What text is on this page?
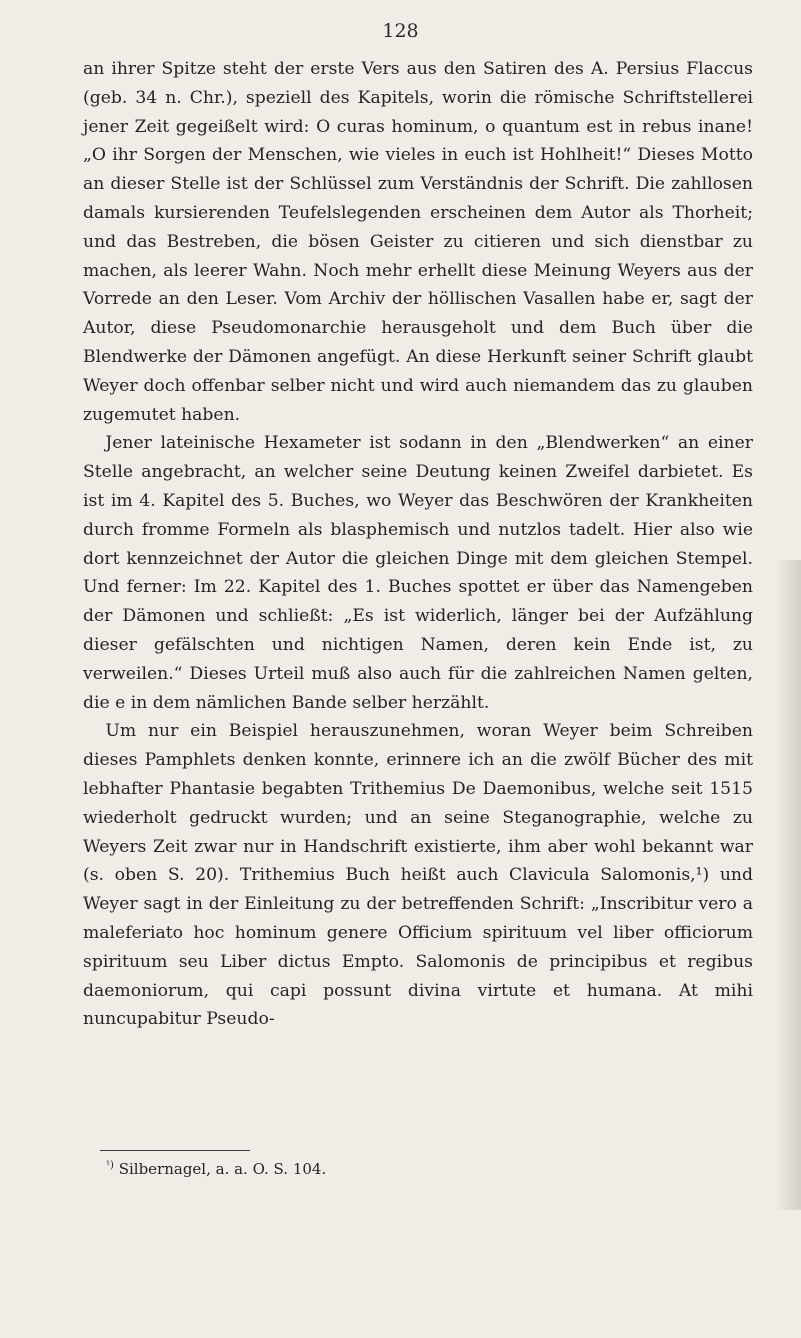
128

an ihrer Spitze steht der erste Vers aus den Satiren des A. Persius Flaccus (geb. 34 n. Chr.), speziell des Kapitels, worin die römische Schriftstellerei jener Zeit gegeißelt wird: O curas hominum, o quantum est in rebus inane! „O ihr Sorgen der Menschen, wie vieles in euch ist Hohlheit!“ Dieses Motto an dieser Stelle ist der Schlüssel zum Verständnis der Schrift. Die zahllosen damals kursierenden Teufelslegenden erscheinen dem Autor als Thorheit; und das Bestreben, die bösen Geister zu citieren und sich dienstbar zu machen, als leerer Wahn. Noch mehr erhellt diese Meinung Weyers aus der Vorrede an den Leser. Vom Archiv der höllischen Vasallen habe er, sagt der Autor, diese Pseudomonarchie herausgeholt und dem Buch über die Blendwerke der Dämonen angefügt. An diese Herkunft seiner Schrift glaubt Weyer doch offenbar selber nicht und wird auch niemandem das zu glauben zugemutet haben.

Jener lateinische Hexameter ist sodann in den „Blendwerken“ an einer Stelle angebracht, an welcher seine Deutung keinen Zweifel darbietet. Es ist im 4. Kapitel des 5. Buches, wo Weyer das Beschwören der Krankheiten durch fromme Formeln als blasphemisch und nutzlos tadelt. Hier also wie dort kennzeichnet der Autor die gleichen Dinge mit dem gleichen Stempel. Und ferner: Im 22. Kapitel des 1. Buches spottet er über das Namengeben der Dämonen und schließt: „Es ist widerlich, länger bei der Aufzählung dieser gefälschten und nichtigen Namen, deren kein Ende ist, zu verweilen.“ Dieses Urteil muß also auch für die zahlreichen Namen gelten, die e in dem nämlichen Bande selber herzählt.

Um nur ein Beispiel herauszunehmen, woran Weyer beim Schreiben dieses Pamphlets denken konnte, erinnere ich an die zwölf Bücher des mit lebhafter Phantasie begabten Trithemius De Daemonibus, welche seit 1515 wiederholt gedruckt wurden; und an seine Steganographie, welche zu Weyers Zeit zwar nur in Handschrift existierte, ihm aber wohl bekannt war (s. oben S. 20). Trithemius Buch heißt auch Clavicula Salomonis,¹) und Weyer sagt in der Einleitung zu der betreffenden Schrift: „Inscribitur vero a maleferiato hoc hominum genere Officium spirituum vel liber officiorum spirituum seu Liber dictus Empto. Salomonis de principibus et regibus daemoniorum, qui capi possunt divina virtute et humana. At mihi nuncupabitur Pseudo-

$^{^1)}$ Silbernagel, a. a. O. S. 104.
